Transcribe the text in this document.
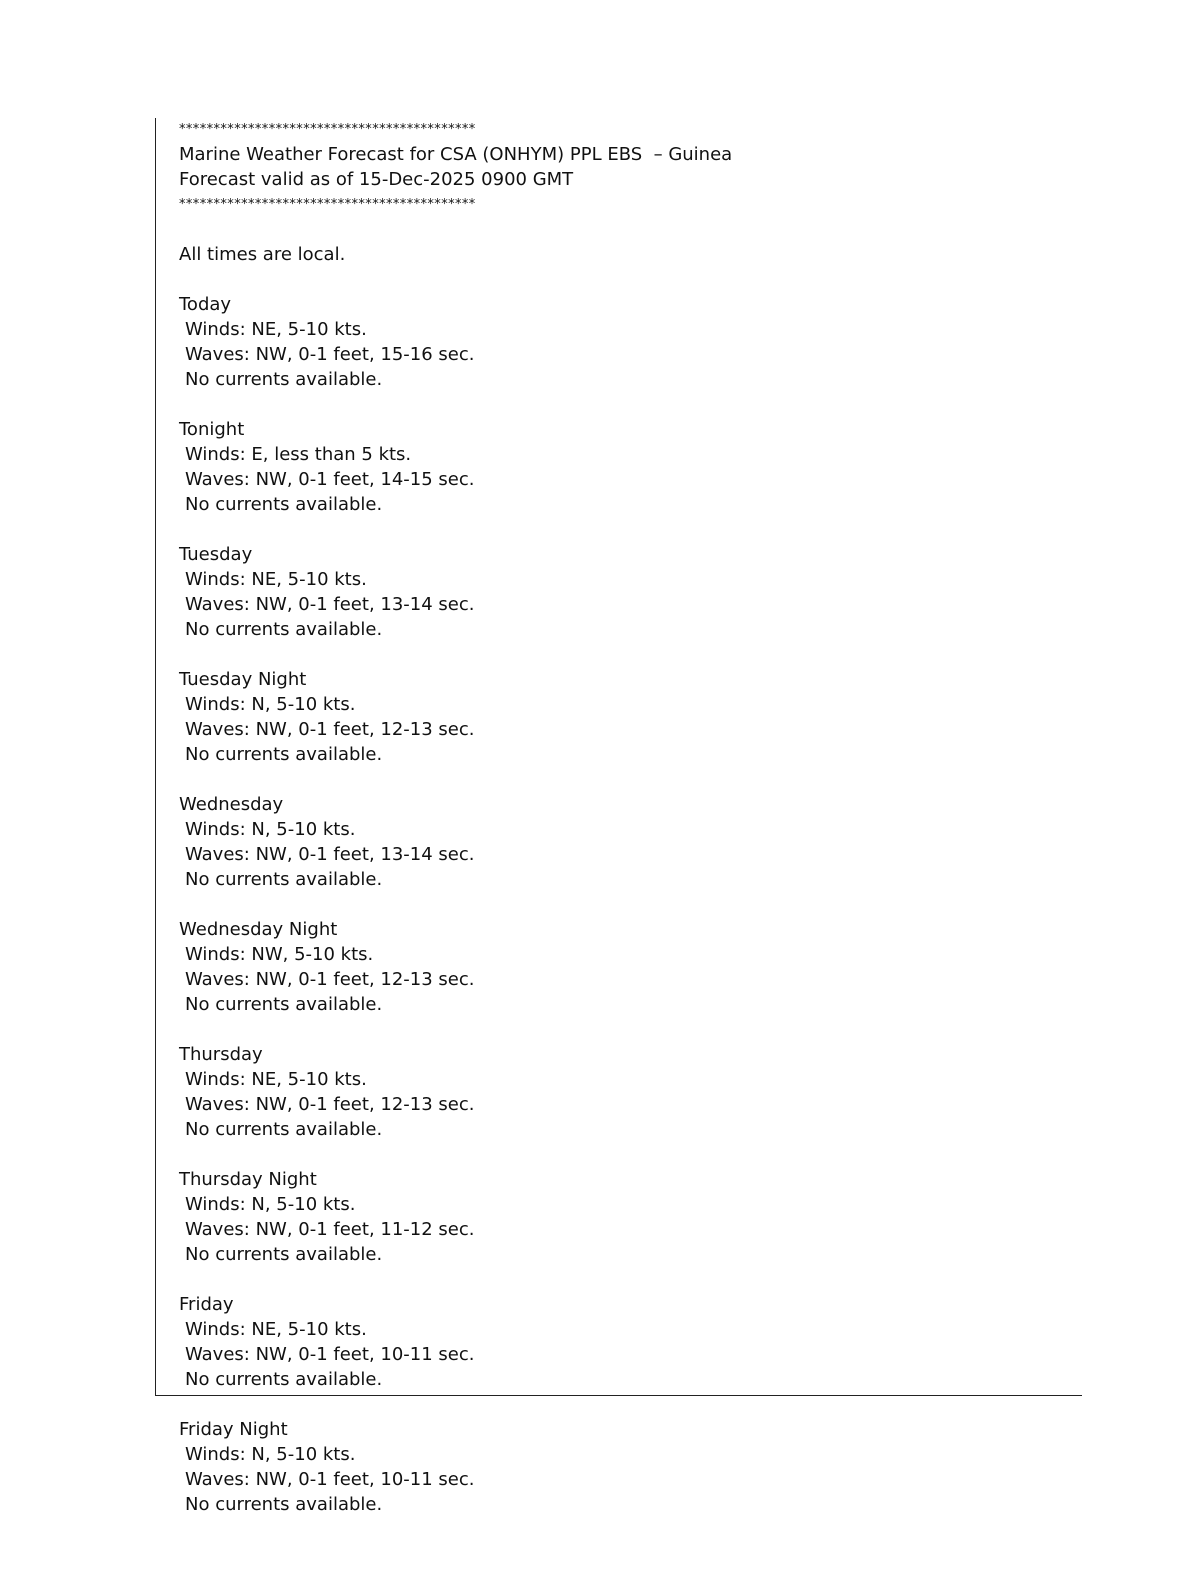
*******************************************
Marine Weather Forecast for CSA (ONHYM) PPL EBS  – Guinea
Forecast valid as of 15-Dec-2025 0900 GMT
*******************************************
All times are local.
Today
Winds: NE, 5-10 kts.
Waves: NW, 0-1 feet, 15-16 sec.
No currents available.
Tonight
Winds: E, less than 5 kts.
Waves: NW, 0-1 feet, 14-15 sec.
No currents available.
Tuesday
Winds: NE, 5-10 kts.
Waves: NW, 0-1 feet, 13-14 sec.
No currents available.
Tuesday Night
Winds: N, 5-10 kts.
Waves: NW, 0-1 feet, 12-13 sec.
No currents available.
Wednesday
Winds: N, 5-10 kts.
Waves: NW, 0-1 feet, 13-14 sec.
No currents available.
Wednesday Night
Winds: NW, 5-10 kts.
Waves: NW, 0-1 feet, 12-13 sec.
No currents available.
Thursday
Winds: NE, 5-10 kts.
Waves: NW, 0-1 feet, 12-13 sec.
No currents available.
Thursday Night
Winds: N, 5-10 kts.
Waves: NW, 0-1 feet, 11-12 sec.
No currents available.
Friday
Winds: NE, 5-10 kts.
Waves: NW, 0-1 feet, 10-11 sec.
No currents available.
Friday Night
Winds: N, 5-10 kts.
Waves: NW, 0-1 feet, 10-11 sec.
No currents available.
